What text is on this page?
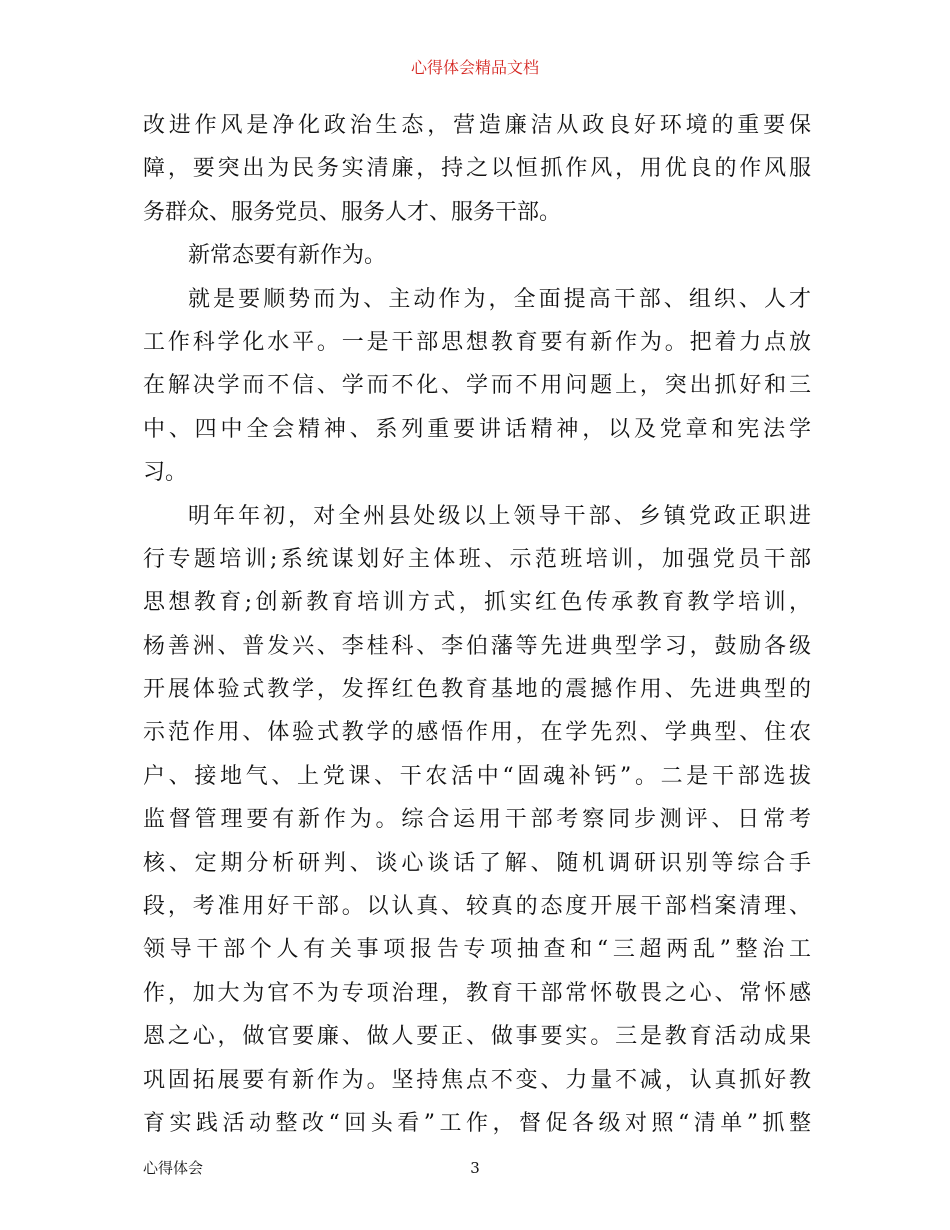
心得体会精品文档
改进作风是净化政治生态，营造廉洁从政良好环境的重要保
障，要突出为民务实清廉，持之以恒抓作风，用优良的作风服
务群众、服务党员、服务人才、服务干部。
新常态要有新作为。
就是要顺势而为、主动作为，全面提高干部、组织、人才
工作科学化水平。一是干部思想教育要有新作为。把着力点放
在解决学而不信、学而不化、学而不用问题上，突出抓好和三
中、四中全会精神、系列重要讲话精神，以及党章和宪法学
习。
明年年初，对全州县处级以上领导干部、乡镇党政正职进
行专题培训;系统谋划好主体班、示范班培训，加强党员干部
思想教育;创新教育培训方式，抓实红色传承教育教学培训，
杨善洲、普发兴、李桂科、李伯藩等先进典型学习，鼓励各级
开展体验式教学，发挥红色教育基地的震撼作用、先进典型的
示范作用、体验式教学的感悟作用，在学先烈、学典型、住农
户、接地气、上党课、干农活中“固魂补钙”。二是干部选拔
监督管理要有新作为。综合运用干部考察同步测评、日常考
核、定期分析研判、谈心谈话了解、随机调研识别等综合手
段，考准用好干部。以认真、较真的态度开展干部档案清理、
领导干部个人有关事项报告专项抽查和“三超两乱”整治工
作，加大为官不为专项治理，教育干部常怀敬畏之心、常怀感
恩之心，做官要廉、做人要正、做事要实。三是教育活动成果
巩固拓展要有新作为。坚持焦点不变、力量不减，认真抓好教
育实践活动整改“回头看”工作，督促各级对照“清单”抓整
心得体会	3
